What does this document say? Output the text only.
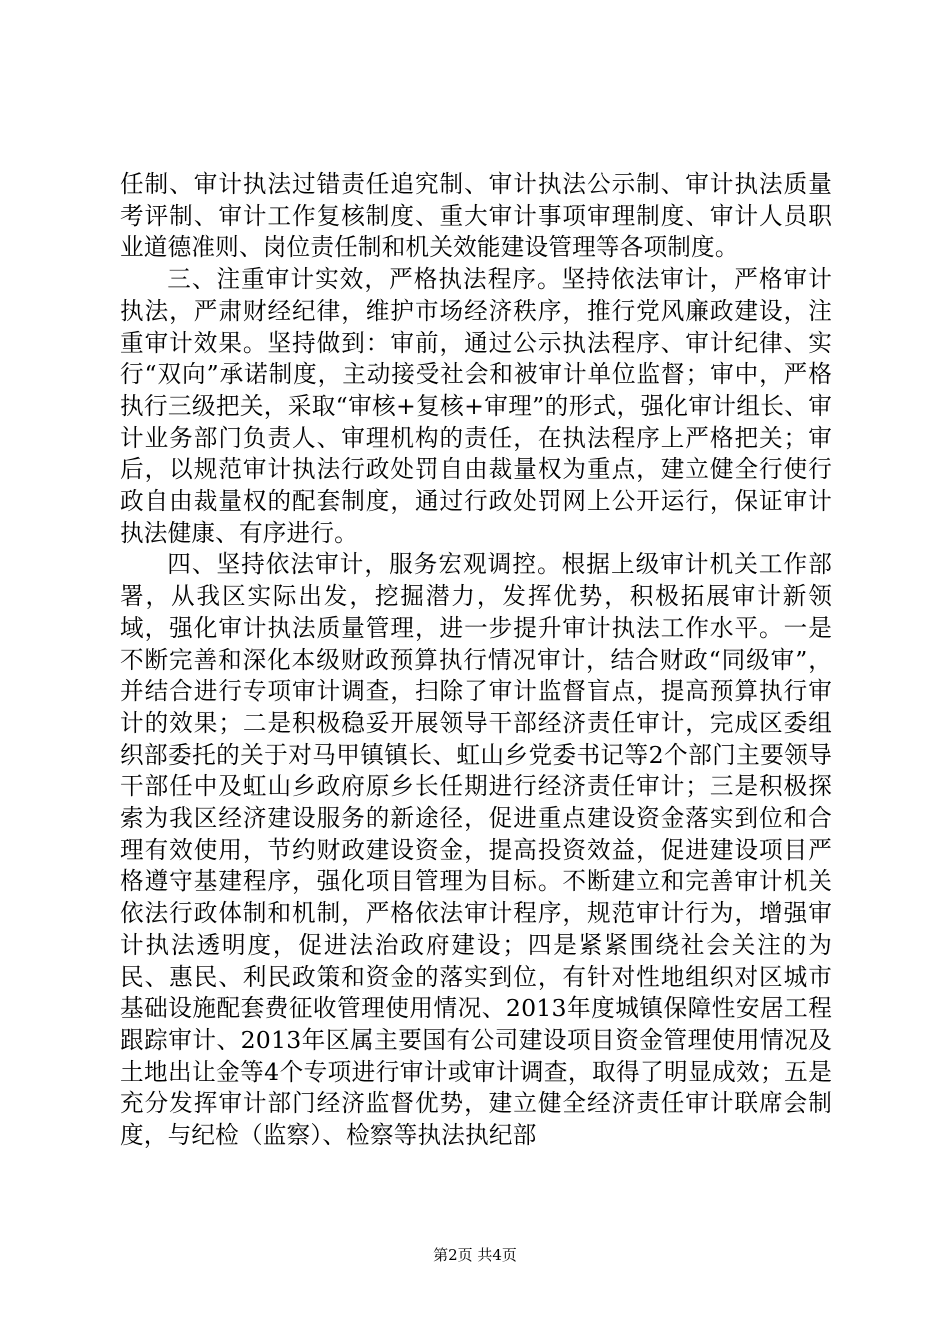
任制、审计执法过错责任追究制、审计执法公示制、审计执法质量考评制、审计工作复核制度、重大审计事项审理制度、审计人员职业道德准则、岗位责任制和机关效能建设管理等各项制度。

三、注重审计实效，严格执法程序。坚持依法审计，严格审计执法，严肃财经纪律，维护市场经济秩序，推行党风廉政建设，注重审计效果。坚持做到：审前，通过公示执法程序、审计纪律、实行“双向”承诺制度，主动接受社会和被审计单位监督；审中，严格执行三级把关，采取“审核+复核+审理”的形式，强化审计组长、审计业务部门负责人、审理机构的责任，在执法程序上严格把关；审后，以规范审计执法行政处罚自由裁量权为重点，建立健全行使行政自由裁量权的配套制度，通过行政处罚网上公开运行，保证审计执法健康、有序进行。

四、坚持依法审计，服务宏观调控。根据上级审计机关工作部署，从我区实际出发，挖掘潜力，发挥优势，积极拓展审计新领域，强化审计执法质量管理，进一步提升审计执法工作水平。一是不断完善和深化本级财政预算执行情况审计，结合财政“同级审”，并结合进行专项审计调查，扫除了审计监督盲点，提高预算执行审计的效果；二是积极稳妥开展领导干部经济责任审计，完成区委组织部委托的关于对马甲镇镇长、虹山乡党委书记等2个部门主要领导干部任中及虹山乡政府原乡长任期进行经济责任审计；三是积极探索为我区经济建设服务的新途径，促进重点建设资金落实到位和合理有效使用，节约财政建设资金，提高投资效益，促进建设项目严格遵守基建程序，强化项目管理为目标。不断建立和完善审计机关依法行政体制和机制，严格依法审计程序，规范审计行为，增强审计执法透明度，促进法治政府建设；四是紧紧围绕社会关注的为民、惠民、利民政策和资金的落实到位，有针对性地组织对区城市基础设施配套费征收管理使用情况、2013年度城镇保障性安居工程跟踪审计、2013年区属主要国有公司建设项目资金管理使用情况及土地出让金等4个专项进行审计或审计调查，取得了明显成效；五是充分发挥审计部门经济监督优势，建立健全经济责任审计联席会制度，与纪检（监察）、检察等执法执纪部

第2页 共4页
